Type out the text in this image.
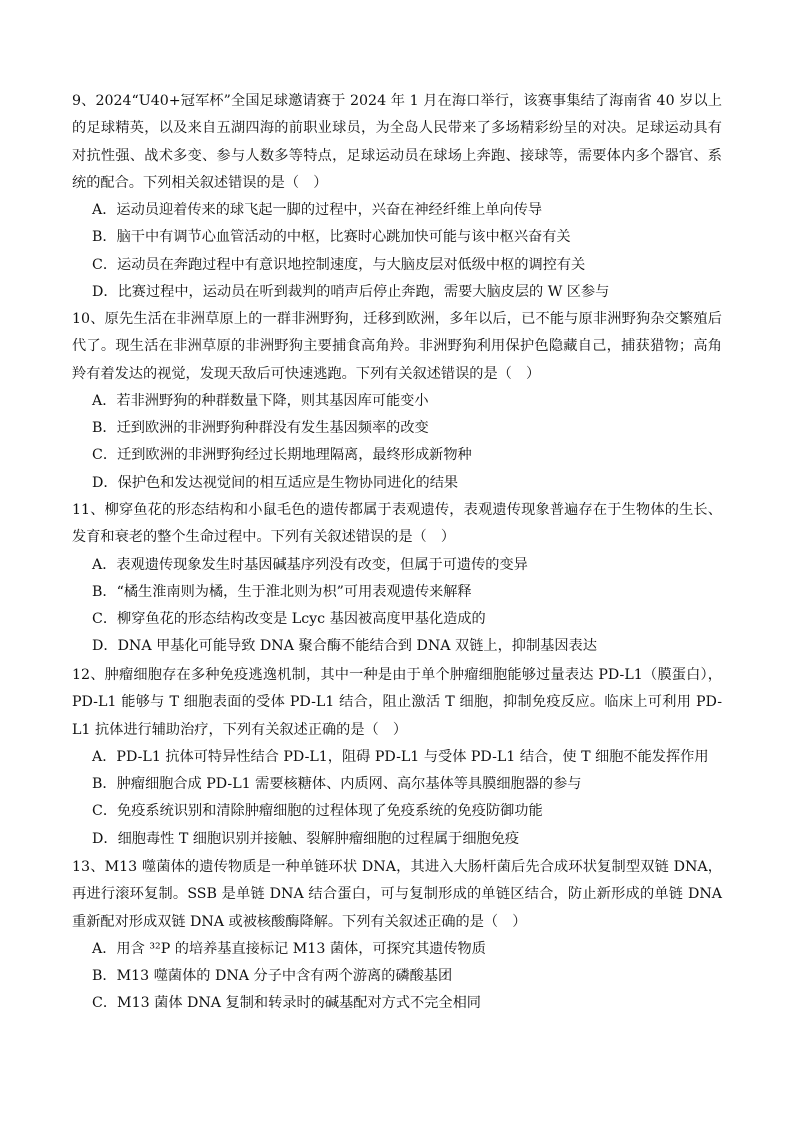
9、2024“U40+冠军杯”全国足球邀请赛于 2024 年 1 月在海口举行，该赛事集结了海南省 40 岁以上的足球精英，以及来自五湖四海的前职业球员，为全岛人民带来了多场精彩纷呈的对决。足球运动具有对抗性强、战术多变、参与人数多等特点，足球运动员在球场上奔跑、接球等，需要体内多个器官、系统的配合。下列相关叙述错误的是（　）

A．运动员迎着传来的球飞起一脚的过程中，兴奋在神经纤维上单向传导

B．脑干中有调节心血管活动的中枢，比赛时心跳加快可能与该中枢兴奋有关

C．运动员在奔跑过程中有意识地控制速度，与大脑皮层对低级中枢的调控有关

D．比赛过程中，运动员在听到裁判的哨声后停止奔跑，需要大脑皮层的 W 区参与

10、原先生活在非洲草原上的一群非洲野狗，迁移到欧洲，多年以后，已不能与原非洲野狗杂交繁殖后代了。现生活在非洲草原的非洲野狗主要捕食高角羚。非洲野狗利用保护色隐藏自己，捕获猎物；高角羚有着发达的视觉，发现天敌后可快速逃跑。下列有关叙述错误的是（　）

A．若非洲野狗的种群数量下降，则其基因库可能变小

B．迁到欧洲的非洲野狗种群没有发生基因频率的改变

C．迁到欧洲的非洲野狗经过长期地理隔离，最终形成新物种

D．保护色和发达视觉间的相互适应是生物协同进化的结果

11、柳穿鱼花的形态结构和小鼠毛色的遗传都属于表观遗传，表观遗传现象普遍存在于生物体的生长、发育和衰老的整个生命过程中。下列有关叙述错误的是（　）

A．表观遗传现象发生时基因碱基序列没有改变，但属于可遗传的变异

B．“橘生淮南则为橘，生于淮北则为枳”可用表观遗传来解释

C．柳穿鱼花的形态结构改变是 Lcyc 基因被高度甲基化造成的

D．DNA 甲基化可能导致 DNA 聚合酶不能结合到 DNA 双链上，抑制基因表达

12、肿瘤细胞存在多种免疫逃逸机制，其中一种是由于单个肿瘤细胞能够过量表达 PD-L1（膜蛋白），PD-L1 能够与 T 细胞表面的受体 PD-L1 结合，阻止激活 T 细胞，抑制免疫反应。临床上可利用 PD-L1 抗体进行辅助治疗，下列有关叙述正确的是（　）

A．PD-L1 抗体可特异性结合 PD-L1，阻碍 PD-L1 与受体 PD-L1 结合，使 T 细胞不能发挥作用

B．肿瘤细胞合成 PD-L1 需要核糖体、内质网、高尔基体等具膜细胞器的参与

C．免疫系统识别和清除肿瘤细胞的过程体现了免疫系统的免疫防御功能

D．细胞毒性 T 细胞识别并接触、裂解肿瘤细胞的过程属于细胞免疫

13、M13 噬菌体的遗传物质是一种单链环状 DNA，其进入大肠杆菌后先合成环状复制型双链 DNA，再进行滚环复制。SSB 是单链 DNA 结合蛋白，可与复制形成的单链区结合，防止新形成的单链 DNA 重新配对形成双链 DNA 或被核酸酶降解。下列有关叙述正确的是（　）

A．用含 ³²P 的培养基直接标记 M13 菌体，可探究其遗传物质

B．M13 噬菌体的 DNA 分子中含有两个游离的磷酸基团

C．M13 菌体 DNA 复制和转录时的碱基配对方式不完全相同
